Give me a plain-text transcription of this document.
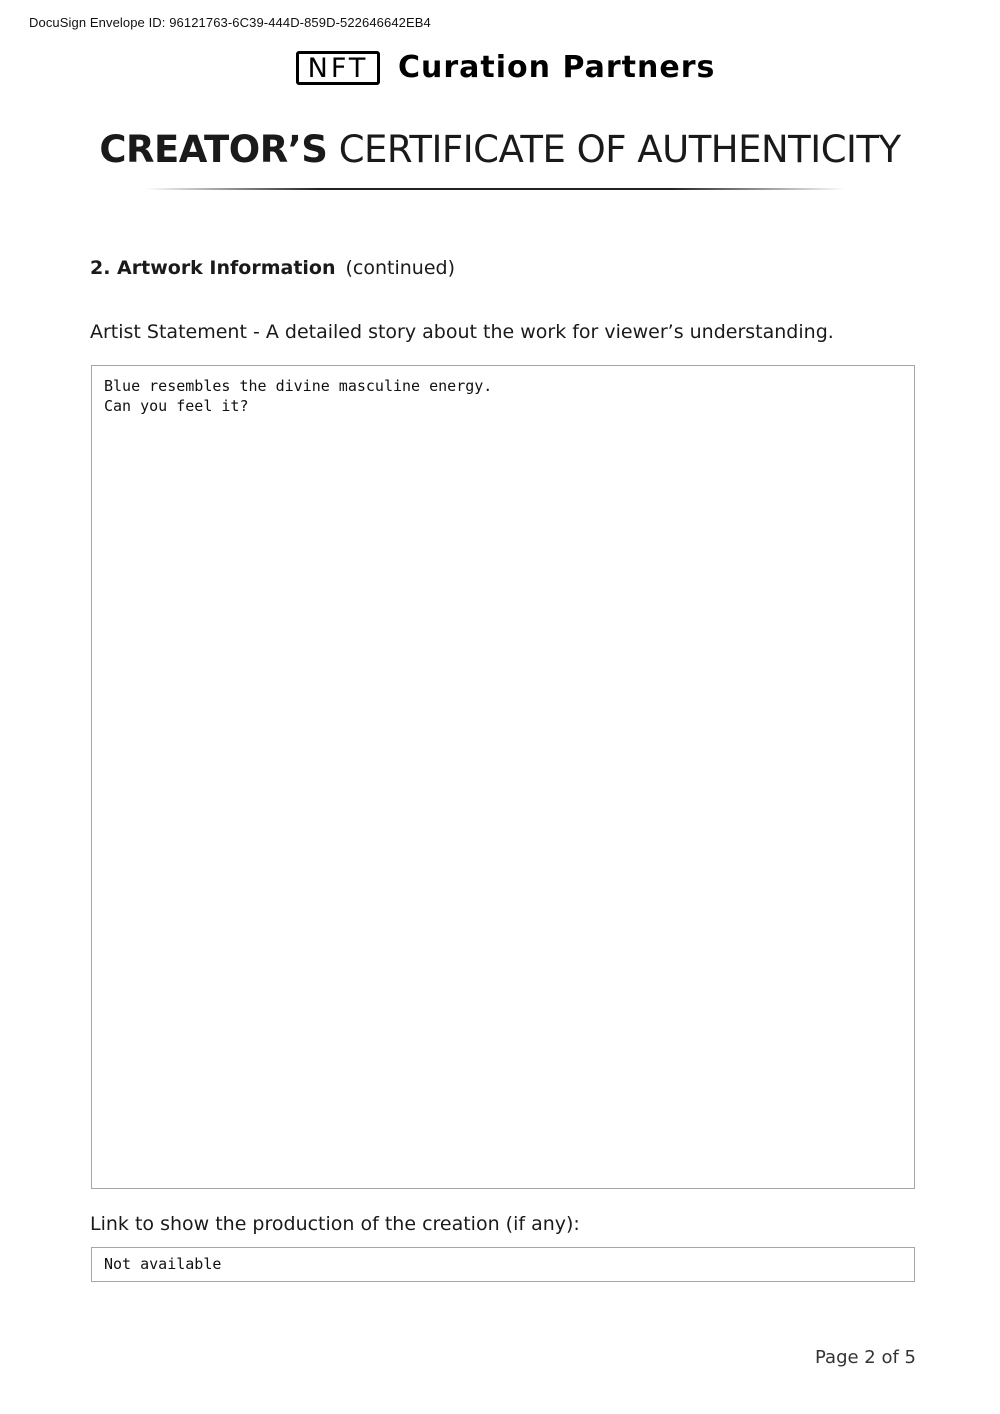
DocuSign Envelope ID: 96121763-6C39-444D-859D-522646642EB4
NFT Curation Partners
CREATOR’S CERTIFICATE OF AUTHENTICITY
2. Artwork Information (continued)
Artist Statement - A detailed story about the work for viewer’s understanding.
Blue resembles the divine masculine energy.
Can you feel it?
Link to show the production of the creation (if any):
Not available
Page 2 of 5
